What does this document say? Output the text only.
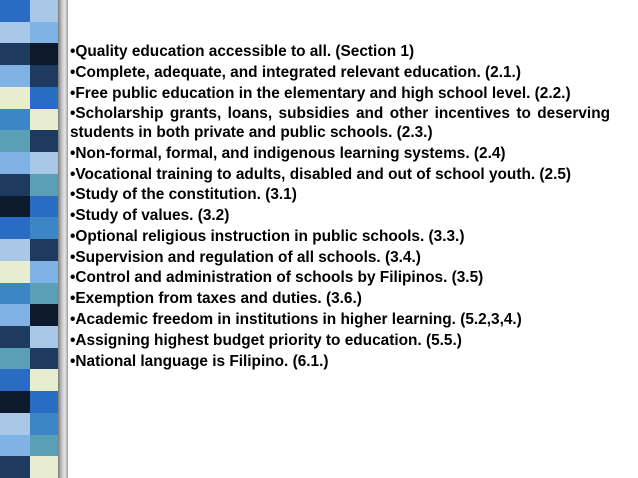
•Quality education accessible to all. (Section 1)
•Complete, adequate, and integrated relevant education. (2.1.)
•Free public education in the elementary and high school level. (2.2.)
•Scholarship grants, loans, subsidies and other incentives to deserving students in both private and public schools. (2.3.)
•Non-formal, formal, and indigenous learning systems. (2.4)
•Vocational training to adults, disabled and out of school youth. (2.5)
•Study of the constitution. (3.1)
•Study of values. (3.2)
•Optional religious instruction in public schools. (3.3.)
•Supervision and regulation of all schools. (3.4.)
•Control and administration of schools by Filipinos. (3.5)
•Exemption from taxes and duties. (3.6.)
•Academic freedom in institutions in higher learning. (5.2,3,4.)
•Assigning highest budget priority to education. (5.5.)
•National language is Filipino. (6.1.)
